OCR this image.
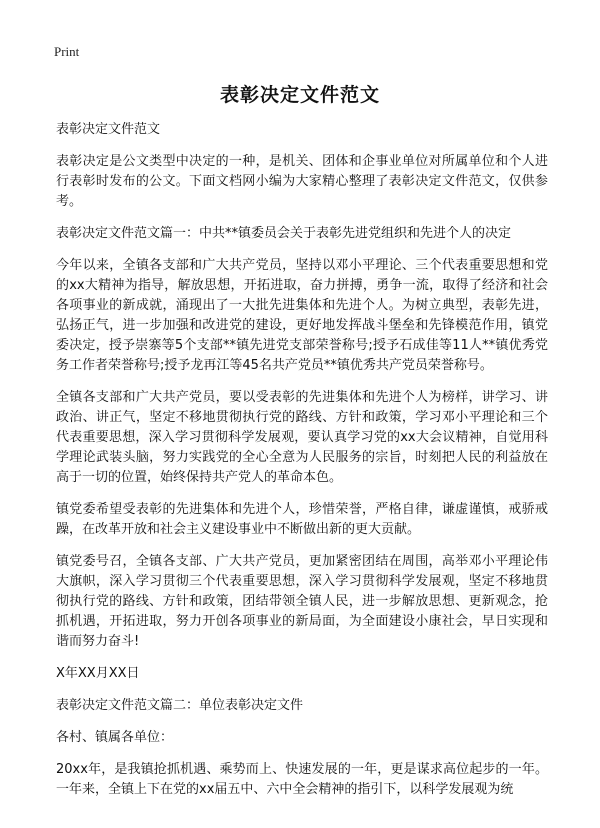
Print
表彰决定文件范文

表彰决定文件范文

表彰决定是公文类型中决定的一种，是机关、团体和企事业单位对所属单位和个人进行表彰时发布的公文。下面文档网小编为大家精心整理了表彰决定文件范文，仅供参考。

表彰决定文件范文篇一：中共**镇委员会关于表彰先进党组织和先进个人的决定

今年以来，全镇各支部和广大共产党员，坚持以邓小平理论、三个代表重要思想和党的xx大精神为指导，解放思想，开拓进取，奋力拼搏，勇争一流，取得了经济和社会各项事业的新成就，涌现出了一大批先进集体和先进个人。为树立典型，表彰先进，弘扬正气，进一步加强和改进党的建设，更好地发挥战斗堡垒和先锋模范作用，镇党委决定，授予崇寨等5个支部**镇先进党支部荣誉称号;授予石成佳等11人**镇优秀党务工作者荣誉称号;授予龙再江等45名共产党员**镇优秀共产党员荣誉称号。

全镇各支部和广大共产党员，要以受表彰的先进集体和先进个人为榜样，讲学习、讲政治、讲正气，坚定不移地贯彻执行党的路线、方针和政策，学习邓小平理论和三个代表重要思想，深入学习贯彻科学发展观，要认真学习党的xx大会议精神，自觉用科学理论武装头脑，努力实践党的全心全意为人民服务的宗旨，时刻把人民的利益放在高于一切的位置，始终保持共产党人的革命本色。

镇党委希望受表彰的先进集体和先进个人，珍惜荣誉，严格自律，谦虚谨慎，戒骄戒躁，在改革开放和社会主义建设事业中不断做出新的更大贡献。

镇党委号召，全镇各支部、广大共产党员，更加紧密团结在周围，高举邓小平理论伟大旗帜，深入学习贯彻三个代表重要思想，深入学习贯彻科学发展观，坚定不移地贯彻执行党的路线、方针和政策，团结带领全镇人民，进一步解放思想、更新观念，抢抓机遇，开拓进取，努力开创各项事业的新局面，为全面建设小康社会，早日实现和谐而努力奋斗!

X年XX月XX日

表彰决定文件范文篇二：单位表彰决定文件

各村、镇属各单位：

20xx年，是我镇抢抓机遇、乘势而上、快速发展的一年，更是谋求高位起步的一年。一年来，全镇上下在党的xx届五中、六中全会精神的指引下，以科学发展观为统
